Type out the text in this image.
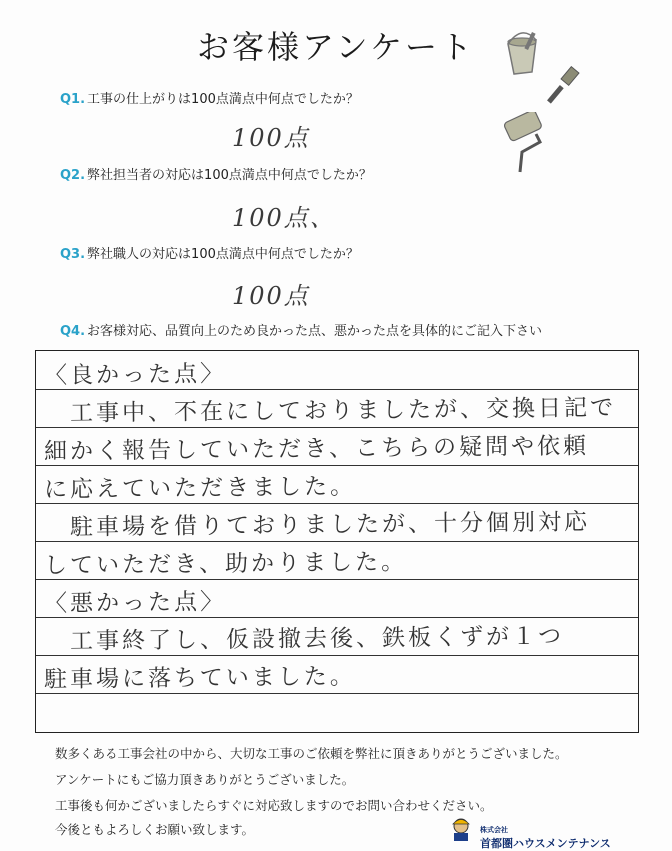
お客様アンケート
Q1. 工事の仕上がりは100点満点中何点でしたか？
100点
Q2. 弊社担当者の対応は100点満点中何点でしたか？
100点、
Q3. 弊社職人の対応は100点満点中何点でしたか？
100点
Q4. お客様対応、品質向上のため良かった点、悪かった点を具体的にご記入下さい
〈良かった点〉
　工事中、不在にしておりましたが、交換日記で
細かく報告していただき、こちらの疑問や依頼
に応えていただきました。
　駐車場を借りておりましたが、十分個別対応
していただき、助かりました。
〈悪かった点〉
　工事終了し、仮設撤去後、鉄板くずが１つ
駐車場に落ちていました。
数多くある工事会社の中から、大切な工事のご依頼を弊社に頂きありがとうございました。
アンケートにもご協力頂きありがとうございました。
工事後も何かございましたらすぐに対応致しますのでお問い合わせください。
今後ともよろしくお願い致します。	株式会社
首都圏ハウスメンテナンス
